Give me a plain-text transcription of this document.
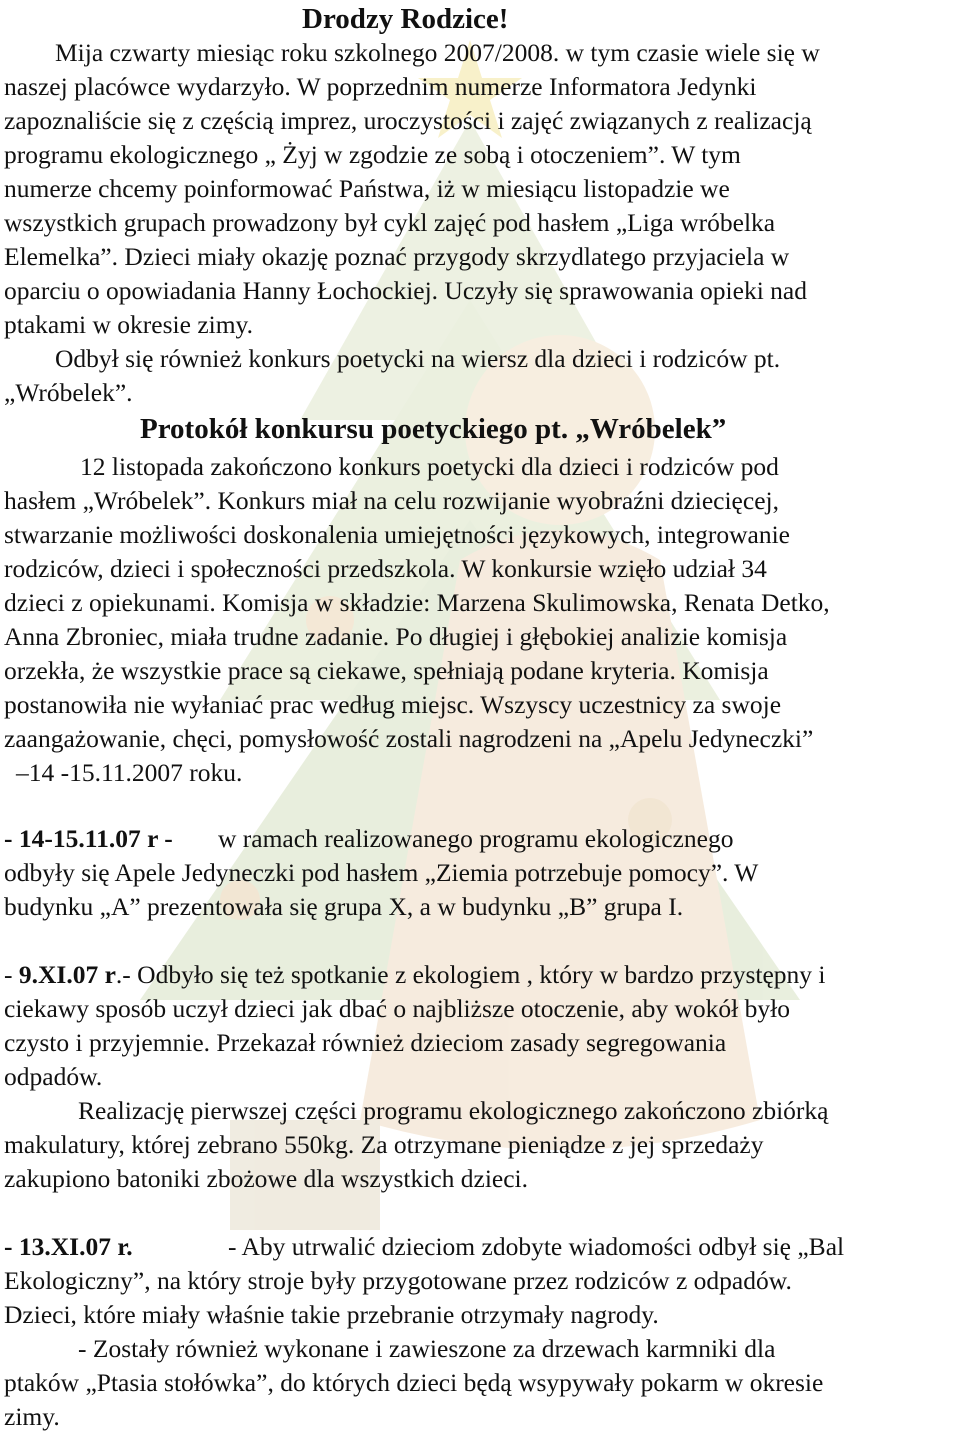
Drodzy Rodzice!
Mija czwarty miesiąc roku szkolnego 2007/2008. w tym czasie wiele się w
naszej placówce wydarzyło. W poprzednim numerze Informatora Jedynki
zapoznaliście się z częścią imprez, uroczystości i zajęć związanych z realizacją
programu ekologicznego „ Żyj w zgodzie ze sobą i otoczeniem”. W tym
numerze chcemy poinformować Państwa, iż w miesiącu listopadzie we
wszystkich grupach prowadzony był cykl zajęć pod hasłem „Liga wróbelka
Elemelka”. Dzieci miały okazję poznać przygody skrzydlatego przyjaciela w
oparciu o opowiadania Hanny Łochockiej. Uczyły się sprawowania opieki nad
ptakami w okresie zimy.
Odbył się również konkurs poetycki na wiersz dla dzieci i rodziców pt.
„Wróbelek”.
Protokół konkursu poetyckiego pt. „Wróbelek”
12 listopada zakończono konkurs poetycki dla dzieci i rodziców pod
hasłem „Wróbelek”. Konkurs miał na celu rozwijanie wyobraźni dziecięcej,
stwarzanie możliwości doskonalenia umiejętności językowych, integrowanie
rodziców, dzieci i społeczności przedszkola. W konkursie wzięło udział 34
dzieci z opiekunami. Komisja w składzie: Marzena Skulimowska, Renata Detko,
Anna Zbroniec, miała trudne zadanie. Po długiej i głębokiej analizie komisja
orzekła, że wszystkie prace są ciekawe, spełniają podane kryteria. Komisja
postanowiła nie wyłaniać prac według miejsc. Wszyscy uczestnicy za swoje
zaangażowanie, chęci, pomysłowość zostali nagrodzeni na „Apelu Jedyneczki”
–14 -15.11.2007 roku.
- 14-15.11.07 r - w ramach realizowanego programu ekologicznego
odbyły się Apele Jedyneczki pod hasłem „Ziemia potrzebuje pomocy”. W
budynku „A” prezentowała się grupa X, a w budynku „B” grupa I.
- 9.XI.07 r.- Odbyło się też spotkanie z ekologiem , który w bardzo przystępny i
ciekawy sposób uczył dzieci jak dbać o najbliższe otoczenie, aby wokół było
czysto i przyjemnie. Przekazał również dzieciom zasady segregowania
odpadów.
Realizację pierwszej części programu ekologicznego zakończono zbiórką
makulatury, której zebrano 550kg. Za otrzymane pieniądze z jej sprzedaży
zakupiono batoniki zbożowe dla wszystkich dzieci.
- 13.XI.07 r.	- Aby utrwalić dzieciom zdobyte wiadomości odbył się „Bal
Ekologiczny”, na który stroje były przygotowane przez rodziców z odpadów.
Dzieci, które miały właśnie takie przebranie otrzymały nagrody.
- Zostały również wykonane i zawieszone za drzewach karmniki dla
ptaków „Ptasia stołówka”, do których dzieci będą wsypywały pokarm w okresie
zimy.
